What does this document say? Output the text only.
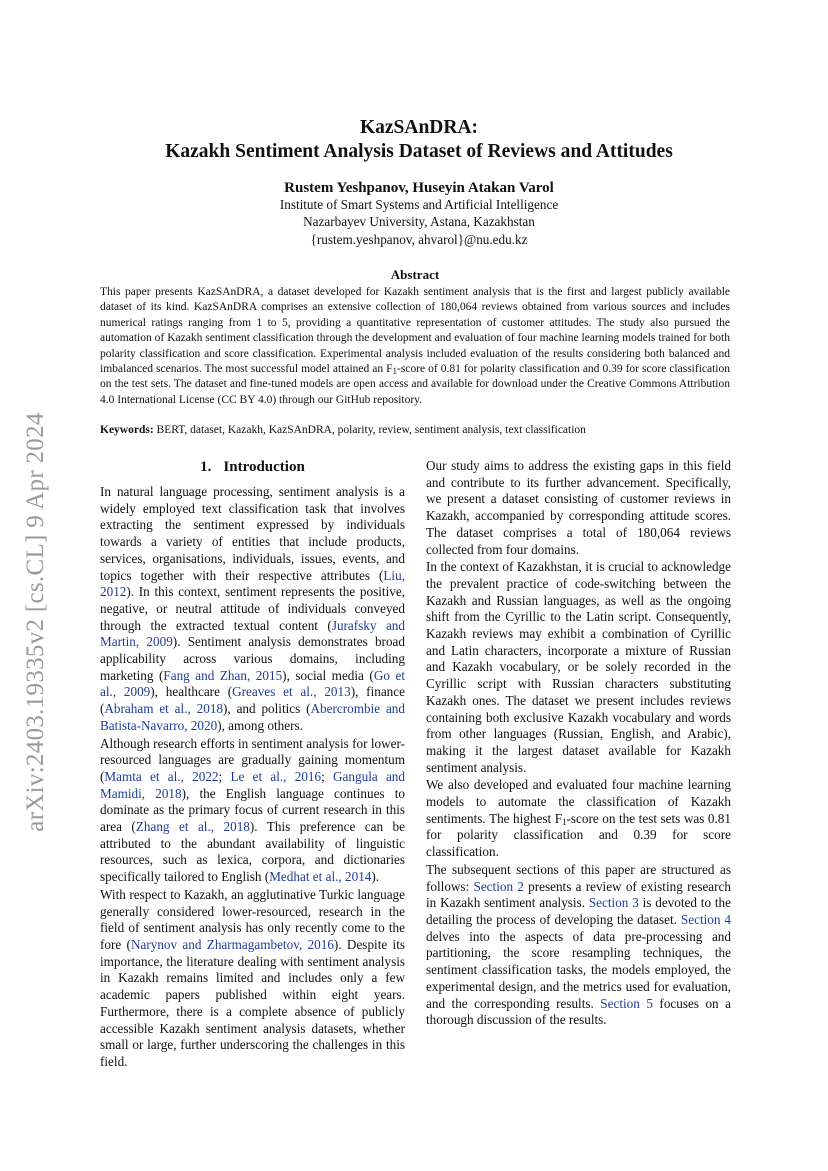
arXiv:2403.19335v2 [cs.CL] 9 Apr 2024
KazSAnDRA:
Kazakh Sentiment Analysis Dataset of Reviews and Attitudes
Rustem Yeshpanov, Huseyin Atakan Varol
Institute of Smart Systems and Artificial Intelligence
Nazarbayev University, Astana, Kazakhstan
{rustem.yeshpanov, ahvarol}@nu.edu.kz
Abstract
This paper presents KazSAnDRA, a dataset developed for Kazakh sentiment analysis that is the first and largest publicly available dataset of its kind. KazSAnDRA comprises an extensive collection of 180,064 reviews obtained from various sources and includes numerical ratings ranging from 1 to 5, providing a quantitative representation of customer attitudes. The study also pursued the automation of Kazakh sentiment classification through the development and evaluation of four machine learning models trained for both polarity classification and score classification. Experimental analysis included evaluation of the results considering both balanced and imbalanced scenarios. The most successful model attained an $F_1$-score of 0.81 for polarity classification and 0.39 for score classification on the test sets. The dataset and fine-tuned models are open access and available for download under the Creative Commons Attribution 4.0 International License (CC BY 4.0) through our GitHub repository.
Keywords: BERT, dataset, Kazakh, KazSAnDRA, polarity, review, sentiment analysis, text classification
1. Introduction

In natural language processing, sentiment analysis is a widely employed text classification task that involves extracting the sentiment expressed by individuals towards a variety of entities that include products, services, organisations, individuals, issues, events, and topics together with their respective attributes (Liu, 2012). In this context, sentiment represents the positive, negative, or neutral attitude of individuals conveyed through the extracted textual content (Jurafsky and Martin, 2009). Sentiment analysis demonstrates broad applicability across various domains, including marketing (Fang and Zhan, 2015), social media (Go et al., 2009), healthcare (Greaves et al., 2013), finance (Abraham et al., 2018), and politics (Abercrombie and Batista-Navarro, 2020), among others.

Although research efforts in sentiment analysis for lower-resourced languages are gradually gaining momentum (Mamta et al., 2022; Le et al., 2016; Gangula and Mamidi, 2018), the English language continues to dominate as the primary focus of current research in this area (Zhang et al., 2018). This preference can be attributed to the abundant availability of linguistic resources, such as lexica, corpora, and dictionaries specifically tailored to English (Medhat et al., 2014).

With respect to Kazakh, an agglutinative Turkic language generally considered lower-resourced, research in the field of sentiment analysis has only recently come to the fore (Narynov and Zharmagambetov, 2016). Despite its importance, the literature dealing with sentiment analysis in Kazakh remains limited and includes only a few academic papers published within eight years. Furthermore, there is a complete absence of publicly accessible Kazakh sentiment analysis datasets, whether small or large, further underscoring the challenges in this field.

Our study aims to address the existing gaps in this field and contribute to its further advancement. Specifically, we present a dataset consisting of customer reviews in Kazakh, accompanied by corresponding attitude scores. The dataset comprises a total of 180,064 reviews collected from four domains.

In the context of Kazakhstan, it is crucial to acknowledge the prevalent practice of code-switching between the Kazakh and Russian languages, as well as the ongoing shift from the Cyrillic to the Latin script. Consequently, Kazakh reviews may exhibit a combination of Cyrillic and Latin characters, incorporate a mixture of Russian and Kazakh vocabulary, or be solely recorded in the Cyrillic script with Russian characters substituting Kazakh ones. The dataset we present includes reviews containing both exclusive Kazakh vocabulary and words from other languages (Russian, English, and Arabic), making it the largest dataset available for Kazakh sentiment analysis.

We also developed and evaluated four machine learning models to automate the classification of Kazakh sentiments. The highest $F_1$-score on the test sets was 0.81 for polarity classification and 0.39 for score classification.

The subsequent sections of this paper are structured as follows: Section 2 presents a review of existing research in Kazakh sentiment analysis. Section 3 is devoted to the detailing the process of developing the dataset. Section 4 delves into the aspects of data pre-processing and partitioning, the score resampling techniques, the sentiment classification tasks, the models employed, the experimental design, and the metrics used for evaluation, and the corresponding results. Section 5 focuses on a thorough discussion of the results.
